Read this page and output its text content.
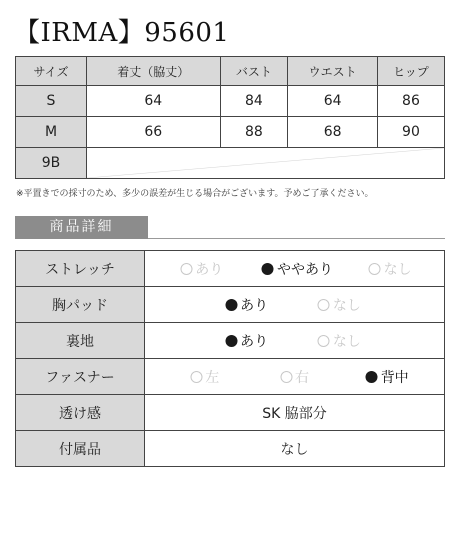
【IRMA】95601
サイズ	着丈（脇丈）	バスト	ウエスト	ヒップ
S	64	84	64	86
M	66	88	68	90
9B	
※平置きでの採寸のため、多少の誤差が生じる場合がございます。予めご了承ください。
商品詳細
ストレッチ	あり ややあり なし

胸パッド	あり なし

裏地	あり なし

ファスナー	左 右 背中

透け感	SK 脇部分
付属品	なし
